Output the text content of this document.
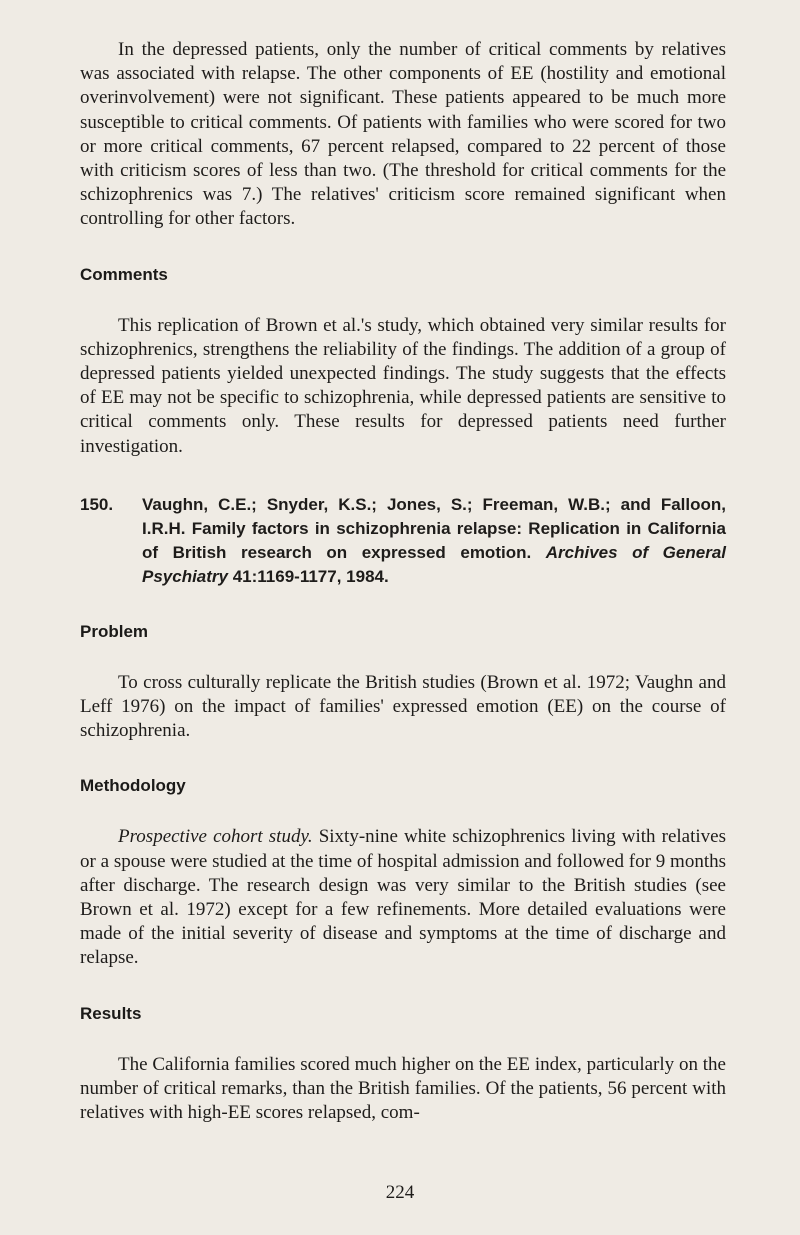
In the depressed patients, only the number of critical comments by relatives was associated with relapse. The other components of EE (hostility and emotional overinvolvement) were not significant. These patients appeared to be much more susceptible to critical comments. Of patients with families who were scored for two or more critical comments, 67 percent relapsed, compared to 22 percent of those with criticism scores of less than two. (The threshold for critical comments for the schizophrenics was 7.) The relatives' criticism score remained significant when controlling for other factors.

Comments

This replication of Brown et al.'s study, which obtained very similar results for schizophrenics, strengthens the reliability of the findings. The addition of a group of depressed patients yielded unexpected findings. The study suggests that the effects of EE may not be specific to schizophrenia, while depressed patients are sensitive to critical comments only. These results for depressed patients need further investigation.

150.	Vaughn, C.E.; Snyder, K.S.; Jones, S.; Freeman, W.B.; and Falloon, I.R.H. Family factors in schizophrenia relapse: Replication in California of British research on expressed emotion. Archives of General Psychiatry 41:1169-1177, 1984.
Problem

To cross culturally replicate the British studies (Brown et al. 1972; Vaughn and Leff 1976) on the impact of families' expressed emotion (EE) on the course of schizophrenia.

Methodology

Prospective cohort study. Sixty-nine white schizophrenics living with relatives or a spouse were studied at the time of hospital admission and followed for 9 months after discharge. The research design was very similar to the British studies (see Brown et al. 1972) except for a few refinements. More detailed evaluations were made of the initial severity of disease and symptoms at the time of discharge and relapse.

Results

The California families scored much higher on the EE index, particularly on the number of critical remarks, than the British families. Of the patients, 56 percent with relatives with high-EE scores relapsed, com-

224
